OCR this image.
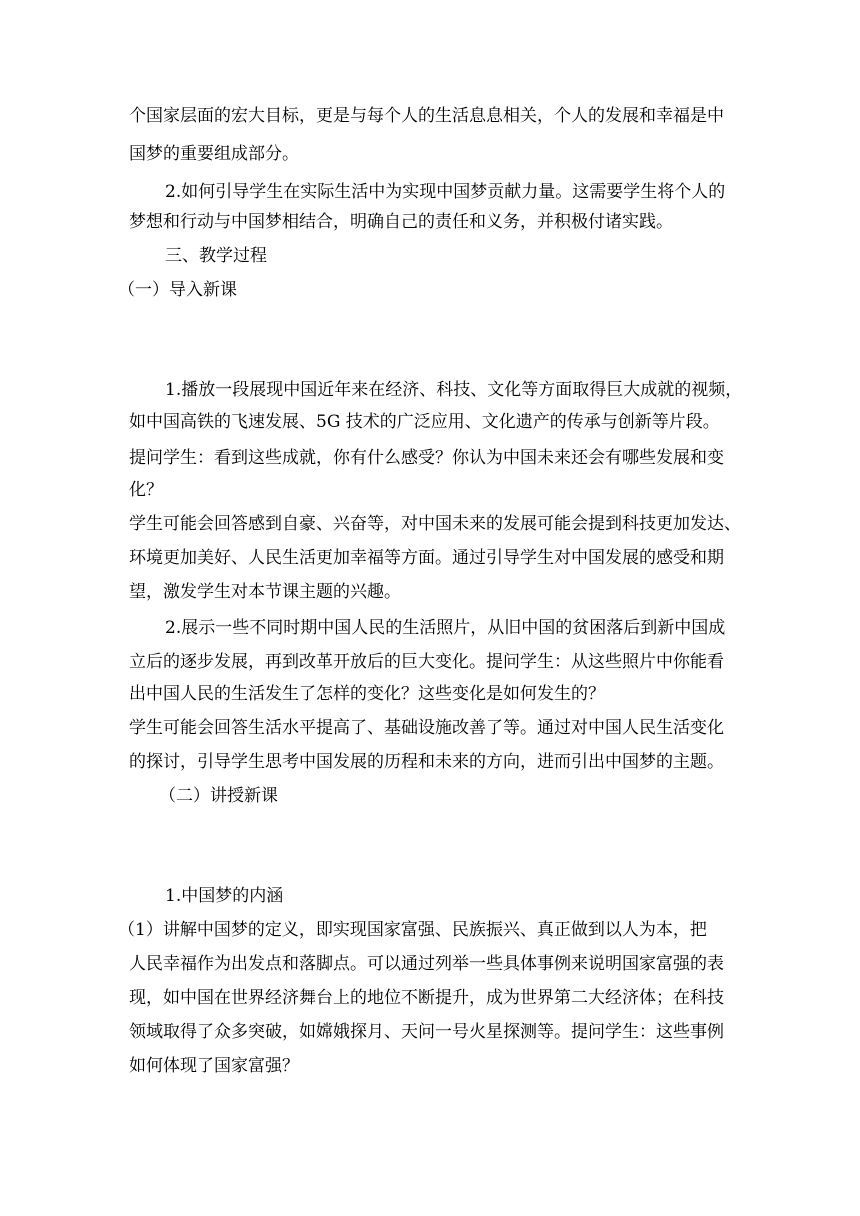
个国家层面的宏大目标，更是与每个人的生活息息相关，个人的发展和幸福是中
国梦的重要组成部分。
2.如何引导学生在实际生活中为实现中国梦贡献力量。这需要学生将个人的
梦想和行动与中国梦相结合，明确自己的责任和义务，并积极付诸实践。
三、教学过程
（一）导入新课
1.播放一段展现中国近年来在经济、科技、文化等方面取得巨大成就的视频，
如中国高铁的飞速发展、5G 技术的广泛应用、文化遗产的传承与创新等片段。
提问学生：看到这些成就，你有什么感受？你认为中国未来还会有哪些发展和变
化？
学生可能会回答感到自豪、兴奋等，对中国未来的发展可能会提到科技更加发达、
环境更加美好、人民生活更加幸福等方面。通过引导学生对中国发展的感受和期
望，激发学生对本节课主题的兴趣。
2.展示一些不同时期中国人民的生活照片，从旧中国的贫困落后到新中国成
立后的逐步发展，再到改革开放后的巨大变化。提问学生：从这些照片中你能看
出中国人民的生活发生了怎样的变化？这些变化是如何发生的？
学生可能会回答生活水平提高了、基础设施改善了等。通过对中国人民生活变化
的探讨，引导学生思考中国发展的历程和未来的方向，进而引出中国梦的主题。
（二）讲授新课
1.中国梦的内涵
（1）讲解中国梦的定义，即实现国家富强、民族振兴、真正做到以人为本，把
人民幸福作为出发点和落脚点。可以通过列举一些具体事例来说明国家富强的表
现，如中国在世界经济舞台上的地位不断提升，成为世界第二大经济体；在科技
领域取得了众多突破，如嫦娥探月、天问一号火星探测等。提问学生：这些事例
如何体现了国家富强？
